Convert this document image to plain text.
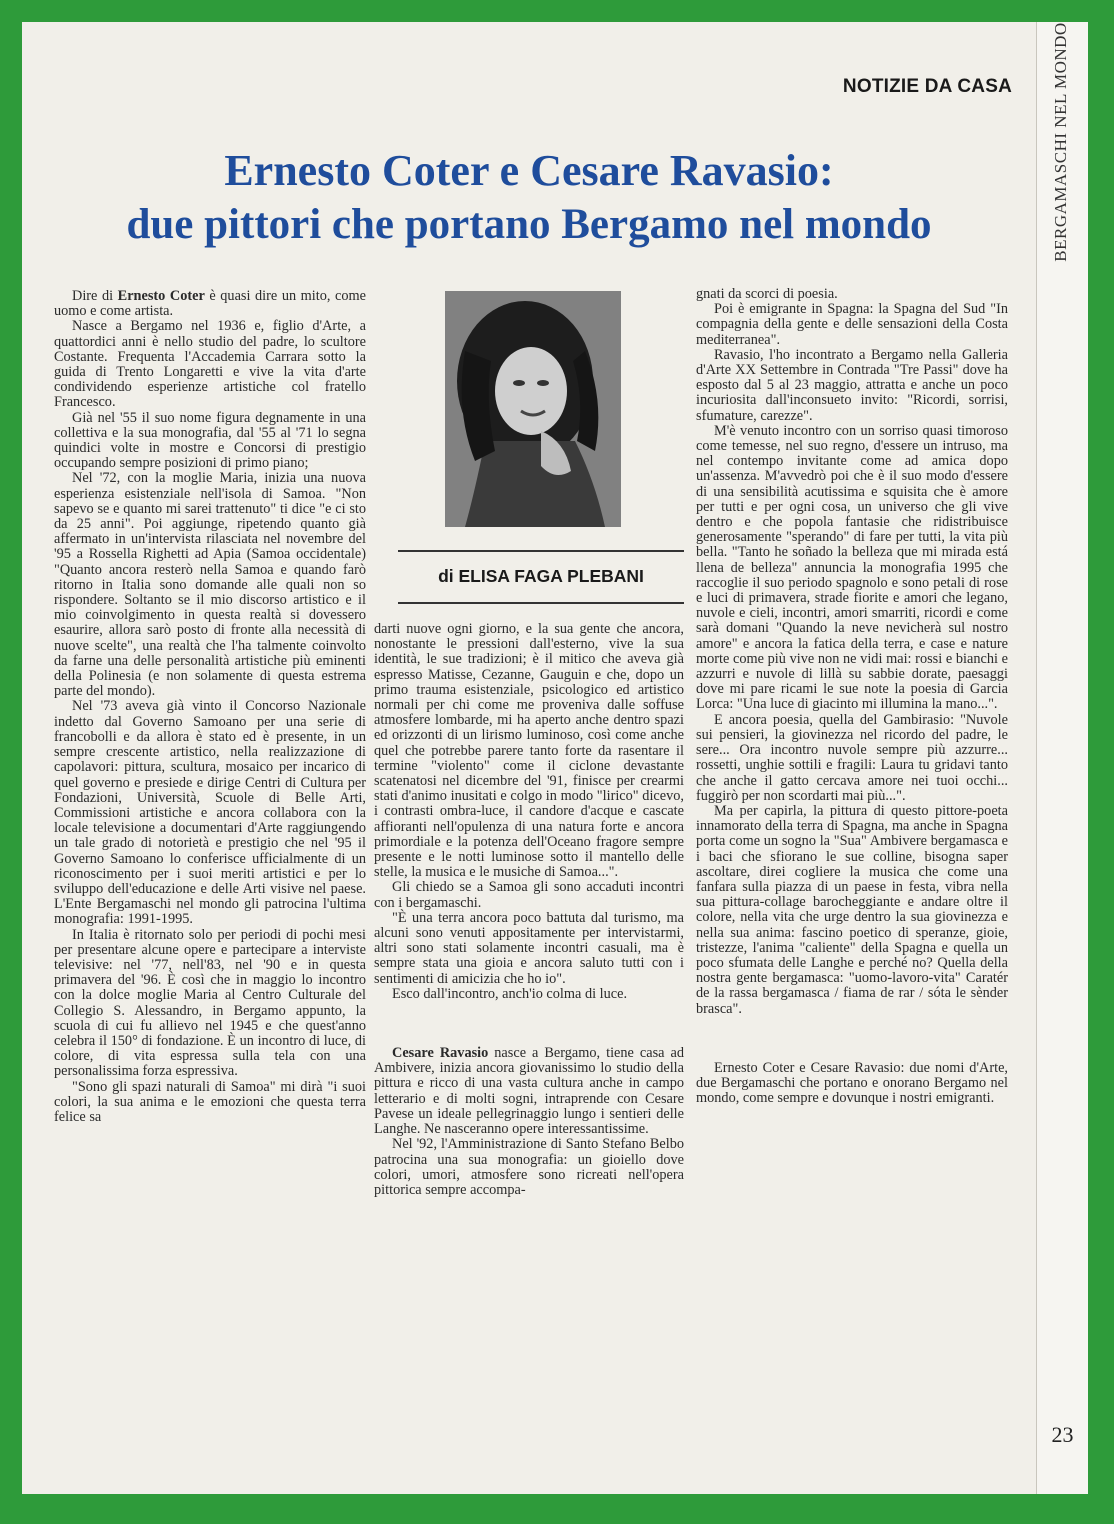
NOTIZIE DA CASA
Ernesto Coter e Cesare Ravasio:
due pittori che portano Bergamo nel mondo

Dire di Ernesto Coter è quasi dire un mito, come uomo e come artista.

Nasce a Bergamo nel 1936 e, figlio d'Arte, a quattordici anni è nello studio del padre, lo scultore Costante. Frequenta l'Accademia Carrara sotto la guida di Trento Longaretti e vive la vita d'arte condividendo esperienze artistiche col fratello Francesco.

Già nel '55 il suo nome figura degnamente in una collettiva e la sua monografia, dal '55 al '71 lo segna quindici volte in mostre e Concorsi di prestigio occupando sempre posizioni di primo piano;

Nel '72, con la moglie Maria, inizia una nuova esperienza esistenziale nell'isola di Samoa. "Non sapevo se e quanto mi sarei trattenuto" ti dice "e ci sto da 25 anni". Poi aggiunge, ripetendo quanto già affermato in un'intervista rilasciata nel novembre del '95 a Rossella Righetti ad Apia (Samoa occidentale) "Quanto ancora resterò nella Samoa e quando farò ritorno in Italia sono domande alle quali non so rispondere. Soltanto se il mio discorso artistico e il mio coinvolgimento in questa realtà si dovessero esaurire, allora sarò posto di fronte alla necessità di nuove scelte", una realtà che l'ha talmente coinvolto da farne una delle personalità artistiche più eminenti della Polinesia (e non solamente di questa estrema parte del mondo).

Nel '73 aveva già vinto il Concorso Nazionale indetto dal Governo Samoano per una serie di francobolli e da allora è stato ed è presente, in un sempre crescente artistico, nella realizzazione di capolavori: pittura, scultura, mosaico per incarico di quel governo e presiede e dirige Centri di Cultura per Fondazioni, Università, Scuole di Belle Arti, Commissioni artistiche e ancora collabora con la locale televisione a documentari d'Arte raggiungendo un tale grado di notorietà e prestigio che nel '95 il Governo Samoano lo conferisce ufficialmente di un riconoscimento per i suoi meriti artistici e per lo sviluppo dell'educazione e delle Arti visive nel paese. L'Ente Bergamaschi nel mondo gli patrocina l'ultima monografia: 1991-1995.

In Italia è ritornato solo per periodi di pochi mesi per presentare alcune opere e partecipare a interviste televisive: nel '77, nell'83, nel '90 e in questa primavera del '96. È così che in maggio lo incontro con la dolce moglie Maria al Centro Culturale del Collegio S. Alessandro, in Bergamo appunto, la scuola di cui fu allievo nel 1945 e che quest'anno celebra il 150° di fondazione. È un incontro di luce, di colore, di vita espressa sulla tela con una personalissima forza espressiva.

"Sono gli spazi naturali di Samoa" mi dirà "i suoi colori, la sua anima e le emozioni che questa terra felice sa

di ELISA FAGA PLEBANI

darti nuove ogni giorno, e la sua gente che ancora, nonostante le pressioni dall'esterno, vive la sua identità, le sue tradizioni; è il mitico che aveva già espresso Matisse, Cezanne, Gauguin e che, dopo un primo trauma esistenziale, psicologico ed artistico normali per chi come me proveniva dalle soffuse atmosfere lombarde, mi ha aperto anche dentro spazi ed orizzonti di un lirismo luminoso, così come anche quel che potrebbe parere tanto forte da rasentare il termine "violento" come il ciclone devastante scatenatosi nel dicembre del '91, finisce per crearmi stati d'animo inusitati e colgo in modo "lirico" dicevo, i contrasti ombra-luce, il candore d'acque e cascate affioranti nell'opulenza di una natura forte e ancora primordiale e la potenza dell'Oceano fragore sempre presente e le notti luminose sotto il mantello delle stelle, la musica e le musiche di Samoa...".

Gli chiedo se a Samoa gli sono accaduti incontri con i bergamaschi.

"È una terra ancora poco battuta dal turismo, ma alcuni sono venuti appositamente per intervistarmi, altri sono stati solamente incontri casuali, ma è sempre stata una gioia e ancora saluto tutti con i sentimenti di amicizia che ho io".

Esco dall'incontro, anch'io colma di luce.

Cesare Ravasio nasce a Bergamo, tiene casa ad Ambivere, inizia ancora giovanissimo lo studio della pittura e ricco di una vasta cultura anche in campo letterario e di molti sogni, intraprende con Cesare Pavese un ideale pellegrinaggio lungo i sentieri delle Langhe. Ne nasceranno opere interessantissime.

Nel '92, l'Amministrazione di Santo Stefano Belbo patrocina una sua monografia: un gioiello dove colori, umori, atmosfere sono ricreati nell'opera pittorica sempre accompa-

gnati da scorci di poesia.

Poi è emigrante in Spagna: la Spagna del Sud "In compagnia della gente e delle sensazioni della Costa mediterranea".

Ravasio, l'ho incontrato a Bergamo nella Galleria d'Arte XX Settembre in Contrada "Tre Passi" dove ha esposto dal 5 al 23 maggio, attratta e anche un poco incuriosita dall'inconsueto invito: "Ricordi, sorrisi, sfumature, carezze".

M'è venuto incontro con un sorriso quasi timoroso come temesse, nel suo regno, d'essere un intruso, ma nel contempo invitante come ad amica dopo un'assenza. M'avvedrò poi che è il suo modo d'essere di una sensibilità acutissima e squisita che è amore per tutti e per ogni cosa, un universo che gli vive dentro e che popola fantasie che ridistribuisce generosamente "sperando" di fare per tutti, la vita più bella. "Tanto he soñado la belleza que mi mirada está llena de belleza" annuncia la monografia 1995 che raccoglie il suo periodo spagnolo e sono petali di rose e luci di primavera, strade fiorite e amori che legano, nuvole e cieli, incontri, amori smarriti, ricordi e come sarà domani "Quando la neve nevicherà sul nostro amore" e ancora la fatica della terra, e case e nature morte come più vive non ne vidi mai: rossi e bianchi e azzurri e nuvole di lillà su sabbie dorate, paesaggi dove mi pare ricami le sue note la poesia di Garcia Lorca: "Una luce di giacinto mi illumina la mano...".

E ancora poesia, quella del Gambirasio: "Nuvole sui pensieri, la giovinezza nel ricordo del padre, le sere... Ora incontro nuvole sempre più azzurre... rossetti, unghie sottili e fragili: Laura tu gridavi tanto che anche il gatto cercava amore nei tuoi occhi... fuggirò per non scordarti mai più...".

Ma per capirla, la pittura di questo pittore-poeta innamorato della terra di Spagna, ma anche in Spagna porta come un sogno la "Sua" Ambivere bergamasca e i baci che sfiorano le sue colline, bisogna saper ascoltare, direi cogliere la musica che come una fanfara sulla piazza di un paese in festa, vibra nella sua pittura-collage barocheggiante e andare oltre il colore, nella vita che urge dentro la sua giovinezza e nella sua anima: fascino poetico di speranze, gioie, tristezze, l'anima "caliente" della Spagna e quella un poco sfumata delle Langhe e perché no? Quella della nostra gente bergamasca: "uomo-lavoro-vita" Caratér de la rassa bergamasca / fiama de rar / sóta le sènder brasca".

Ernesto Coter e Cesare Ravasio: due nomi d'Arte, due Bergamaschi che portano e onorano Bergamo nel mondo, come sempre e dovunque i nostri emigranti.

BERGAMASCHI NEL MONDO
23
